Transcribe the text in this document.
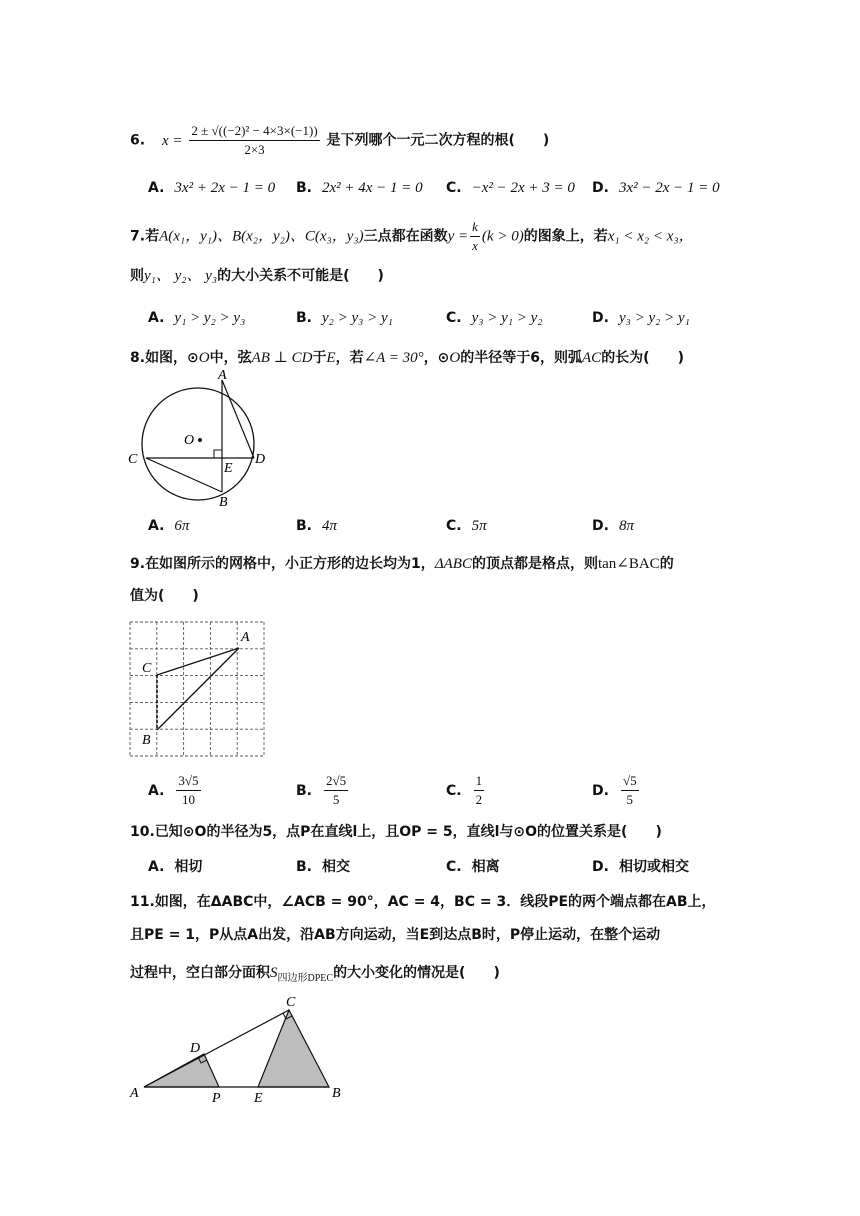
6. $x = \frac{\text{2 ± √((−2)² − 4×3×(−1))}}{2\times 3}$ 是下列哪个一元二次方程的根(　　)
A. 3x² + 2x − 1 = 0 B. 2x² + 4x − 1 = 0 C. −x² − 2x + 3 = 0 D. 3x² − 2x − 1 = 0
7.若A(x₁，y₁)、B(x₂，y₂)、C(x₃，y₃)三点都在函数$y = \frac{k}{x} (k > 0)$的图象上，若x₁ < x₂ < x₃，
则y₁、 y₂、 y₃的大小关系不可能是(　　)
A. y₁ > y₂ > y₃	B. y₂ > y₃ > y₁	C. y₃ > y₁ > y₂	D. y₃ > y₂ > y₁
8.如图，⊙O中，弦AB ⊥ CD于E，若∠A = 30°，⊙O的半径等于6，则弧AC的长为(　　)
A
B
C	D
E
O
A. 6π	B. 4π	C. 5π	D. 8π
9.在如图所示的网格中，小正方形的边长均为1，ΔABC的顶点都是格点，则tan∠BAC的
值为(　　)
A
C
B
A. $\frac{3√5}{10}$	B. $\frac{2√5}{5}$	C. $\frac{1}{2}$	D. $\frac{√5}{5}$
10.已知⊙O的半径为5，点P在直线l上，且OP = 5，直线l与⊙O的位置关系是(　　)
A. 相切	B. 相交	C. 相离	D. 相切或相交
11.如图，在ΔABC中，∠ACB = 90°，AC = 4，BC = 3．线段PE的两个端点都在AB上，
且PE = 1，P从点A出发，沿AB方向运动，当E到达点B时，P停止运动，在整个运动
过程中，空白部分面积$S_{四边形DPEC}$的大小变化的情况是(　　)
A	B
C
D
P E
